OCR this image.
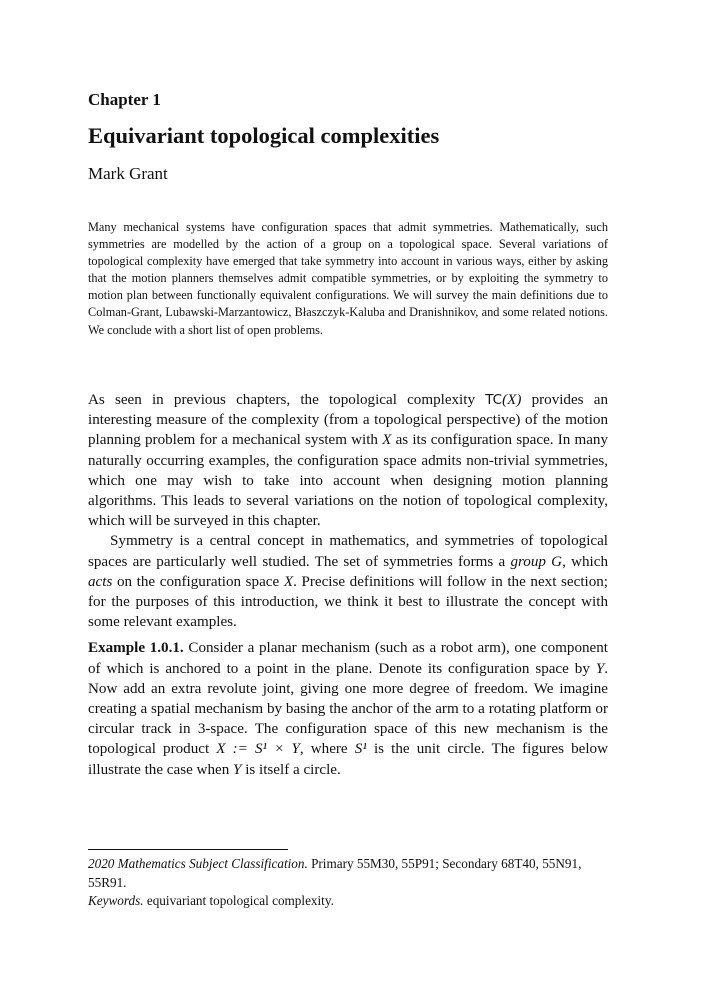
Chapter 1
Equivariant topological complexities
Mark Grant
Many mechanical systems have configuration spaces that admit symmetries. Mathematically, such symmetries are modelled by the action of a group on a topological space. Several variations of topological complexity have emerged that take symmetry into account in various ways, either by asking that the motion planners themselves admit compatible symmetries, or by exploiting the symmetry to motion plan between functionally equivalent configurations. We will survey the main definitions due to Colman-Grant, Lubawski-Marzantowicz, Błaszczyk-Kaluba and Dranishnikov, and some related notions. We conclude with a short list of open problems.

As seen in previous chapters, the topological complexity TC(X) provides an interesting measure of the complexity (from a topological perspective) of the motion planning problem for a mechanical system with X as its configuration space. In many naturally occurring examples, the configuration space admits non-trivial symmetries, which one may wish to take into account when designing motion planning algorithms. This leads to several variations on the notion of topological complexity, which will be surveyed in this chapter.

Symmetry is a central concept in mathematics, and symmetries of topological spaces are particularly well studied. The set of symmetries forms a group G, which acts on the configuration space X. Precise definitions will follow in the next section; for the purposes of this introduction, we think it best to illustrate the concept with some relevant examples.

Example 1.0.1. Consider a planar mechanism (such as a robot arm), one component of which is anchored to a point in the plane. Denote its configuration space by Y. Now add an extra revolute joint, giving one more degree of freedom. We imagine creating a spatial mechanism by basing the anchor of the arm to a rotating platform or circular track in 3-space. The configuration space of this new mechanism is the topological product X := S¹ × Y, where S¹ is the unit circle. The figures below illustrate the case when Y is itself a circle.

2020 Mathematics Subject Classification. Primary 55M30, 55P91; Secondary 68T40, 55N91, 55R91.

Keywords. equivariant topological complexity.
